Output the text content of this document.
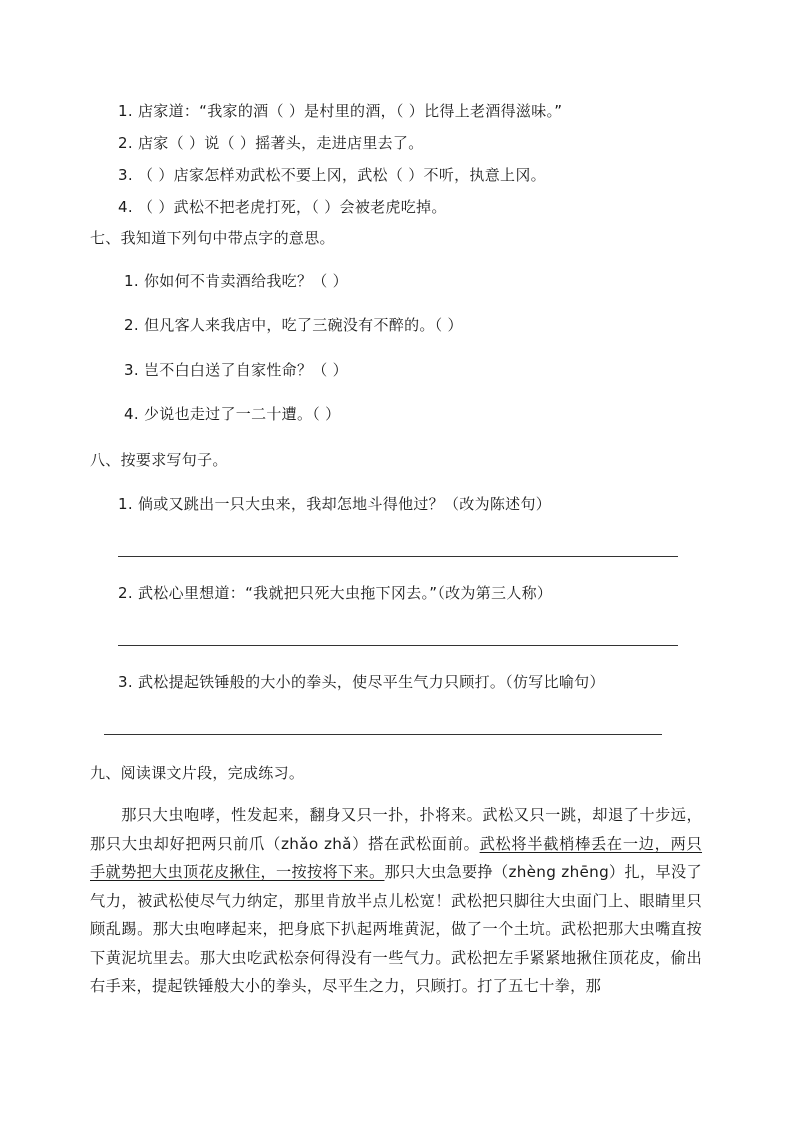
1. 店家道：“我家的酒（ ）是村里的酒，（ ）比得上老酒得滋味。”
2. 店家（ ）说（ ）摇著头，走进店里去了。
3. （ ）店家怎样劝武松不要上冈，武松（ ）不听，执意上冈。
4. （ ）武松不把老虎打死，（ ）会被老虎吃掉。
七、我知道下列句中带点字的意思。
1. 你如何不肯卖酒给我吃？（ ）
2. 但凡客人来我店中，吃了三碗没有不醉的。（ ）
3. 岂不白白送了自家性命？（ ）
4. 少说也走过了一二十遭。（ ）
八、按要求写句子。
1. 倘或又跳出一只大虫来，我却怎地斗得他过？（改为陈述句）
2. 武松心里想道：“我就把只死大虫拖下冈去。”（改为第三人称）
3. 武松提起铁锤般的大小的拳头，使尽平生气力只顾打。（仿写比喻句）
九、阅读课文片段，完成练习。
那只大虫咆哮，性发起来，翻身又只一扑，扑将来。武松又只一跳，却退了十步远，那只大虫却好把两只前爪（zhǎo zhǎ）搭在武松面前。武松将半截梢棒丢在一边，两只手就势把大虫顶花皮揪住，一按按将下来。那只大虫急要挣（zhèng zhēng）扎，早没了气力，被武松使尽气力纳定，那里肯放半点儿松宽！武松把只脚往大虫面门上、眼睛里只顾乱踢。那大虫咆哮起来，把身底下扒起两堆黄泥，做了一个土坑。武松把那大虫嘴直按下黄泥坑里去。那大虫吃武松奈何得没有一些气力。武松把左手紧紧地揪住顶花皮，偷出右手来，提起铁锤般大小的拳头，尽平生之力，只顾打。打了五七十拳，那
